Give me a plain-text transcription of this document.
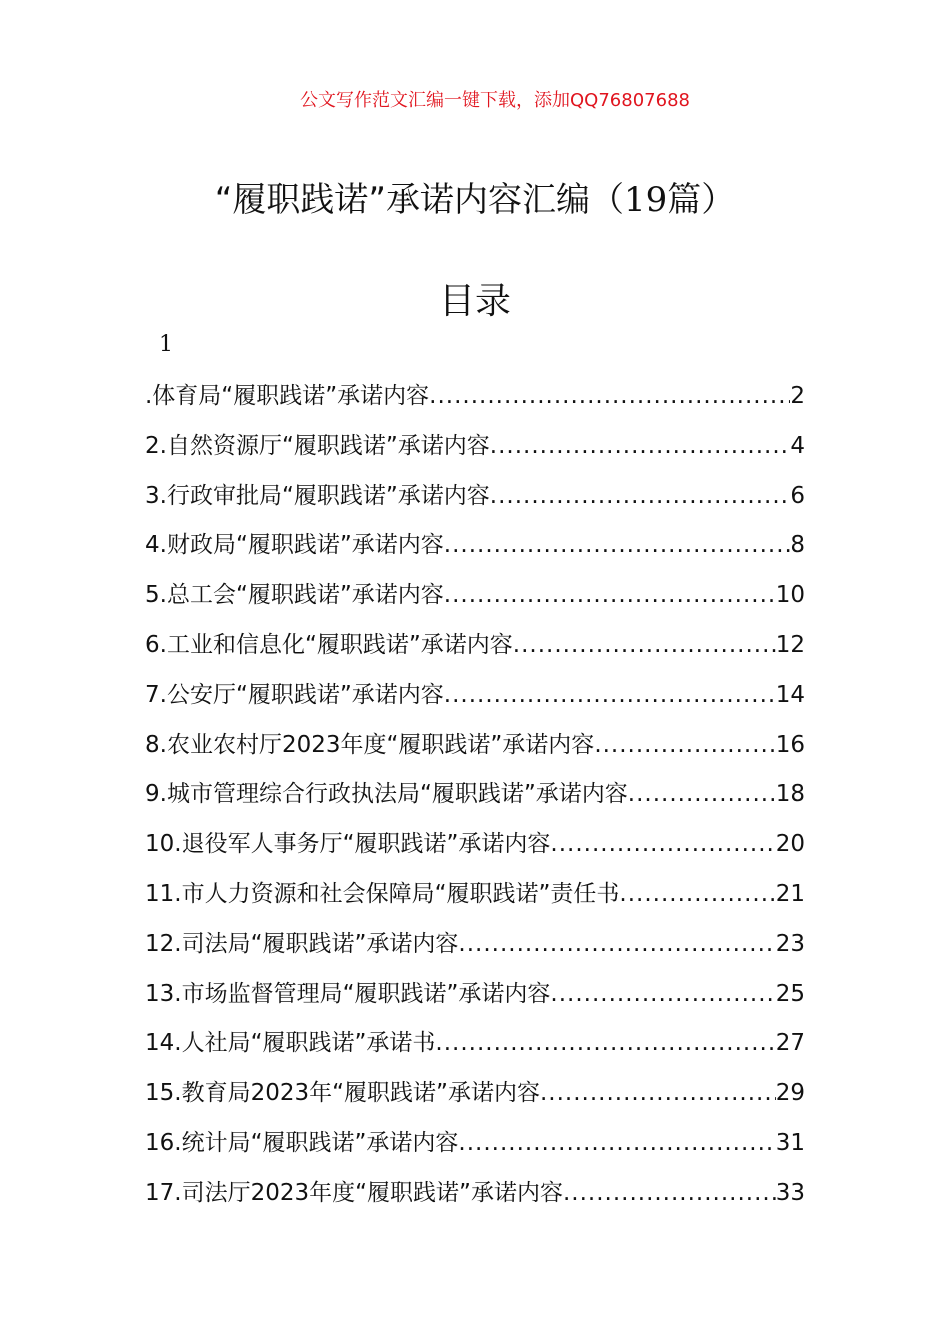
公文写作范文汇编一键下载，添加QQ76807688
“履职践诺”承诺内容汇编（19篇）
目录
1
.体育局“履职践诺”承诺内容 .....	2
2.自然资源厅“履职践诺”承诺内容 .....	4
3.行政审批局“履职践诺”承诺内容 .....	6
4.财政局“履职践诺”承诺内容 .....	8
5.总工会“履职践诺”承诺内容 .....	10
6.工业和信息化“履职践诺”承诺内容 .....	12
7.公安厅“履职践诺”承诺内容 .....	14
8.农业农村厅2023年度“履职践诺”承诺内容 .....	16
9.城市管理综合行政执法局“履职践诺”承诺内容 .....	18
10.退役军人事务厅“履职践诺”承诺内容 .....	20
11.市人力资源和社会保障局“履职践诺”责任书 .....	21
12.司法局“履职践诺”承诺内容 .....	23
13.市场监督管理局“履职践诺”承诺内容 .....	25
14.人社局“履职践诺”承诺书 .....	27
15.教育局2023年“履职践诺”承诺内容 .....	29
16.统计局“履职践诺”承诺内容 .....	31
17.司法厅2023年度“履职践诺”承诺内容 .....	33
